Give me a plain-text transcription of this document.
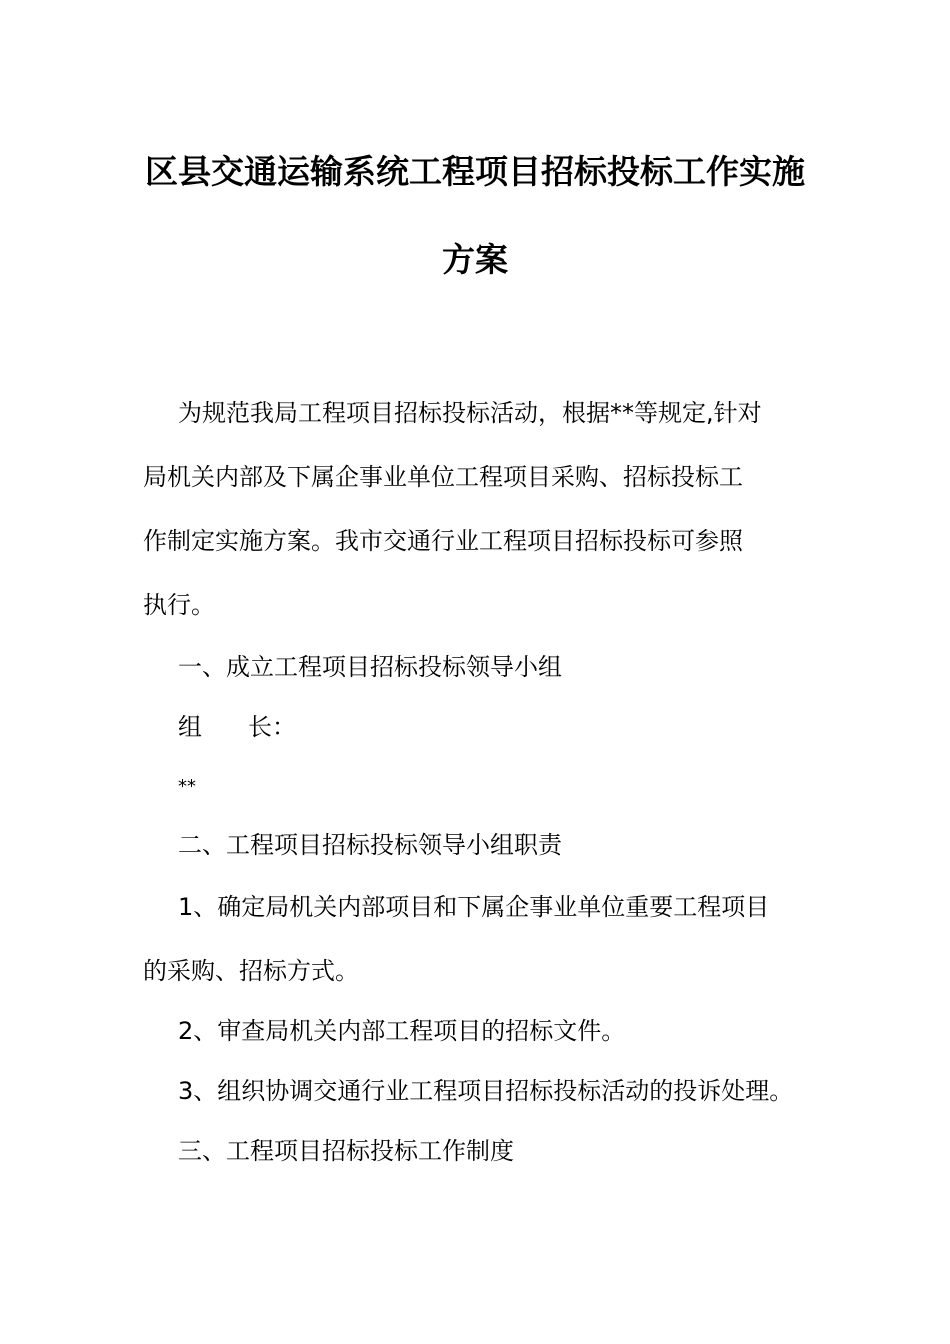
区县交通运输系统工程项目招标投标工作实施
方案
为规范我局工程项目招标投标活动，根据**等规定,针对
局机关内部及下属企事业单位工程项目采购、招标投标工
作制定实施方案。我市交通行业工程项目招标投标可参照
执行。
一、成立工程项目招标投标领导小组
组 长：
**
二、工程项目招标投标领导小组职责
1、确定局机关内部项目和下属企事业单位重要工程项目
的采购、招标方式。
2、审查局机关内部工程项目的招标文件。
3、组织协调交通行业工程项目招标投标活动的投诉处理。
三、工程项目招标投标工作制度
